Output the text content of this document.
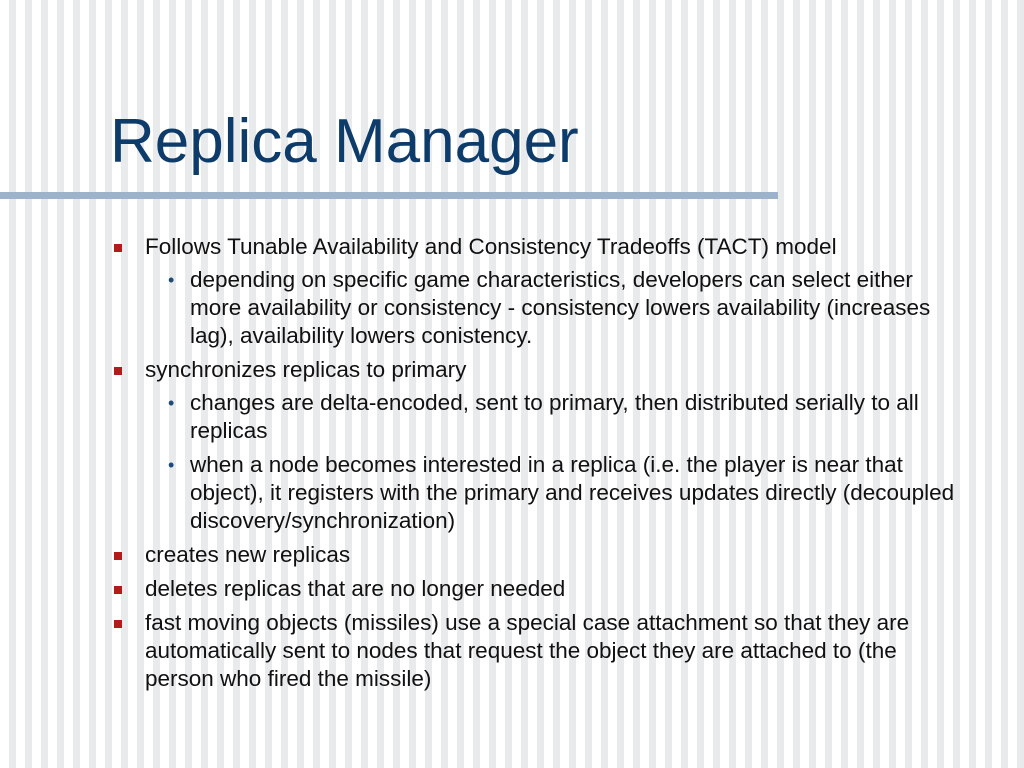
Replica Manager
Follows Tunable Availability and Consistency Tradeoffs (TACT) model
• depending on specific game characteristics, developers can select either more availability or consistency - consistency lowers availability (increases lag), availability lowers conistency.
synchronizes replicas to primary
• changes are delta-encoded, sent to primary, then distributed serially to all replicas
• when a node becomes interested in a replica (i.e. the player is near that object), it registers with the primary and receives updates directly (decoupled discovery/synchronization)
creates new replicas
deletes replicas that are no longer needed
fast moving objects (missiles) use a special case attachment so that they are automatically sent to nodes that request the object they are attached to (the person who fired the missile)
